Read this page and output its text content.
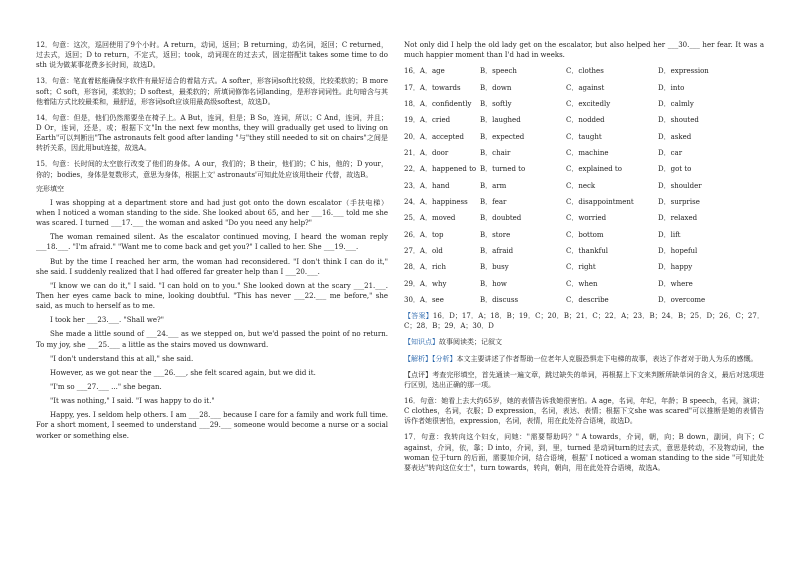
12．句意：这次，巡回使用了9个小时。A return，动词，返回；B returning，动名词，返回；C returned，过去式，返回；D to return，不定式，返回；took，动词现在的过去式，固定搭配it takes some time to do sth 说为做某事花费多长时间，故选D。

13．句意：笔直着眩能确保字软件有最好适合的着陆方式。A softer，形容词soft比较级，比较柔软的；B more soft；C soft，形容词，柔软的；D softest，最柔软的；所填词修饰名词landing，是形容词词性。此句暗含与其他着陆方式比较最柔和，最舒适，形容词soft应该用最高级softest，故选D。

14．句意：但是，他们仍然需要坐在椅子上。A But，连词，但是；B So，连词，所以；C And，连词，并且；D Or，连词，还是，或；根据下文"In the next few months, they will gradually get used to living on Earth"可以判断出"The astronauts felt good after landing "与"they still needed to sit on chairs"之间是转折关系，因此用but连接，故选A。

15．句意：长时间的太空旅行改变了他们的身体。A our，我们的；B their，他们的；C his，他的；D your，你的；bodies，身体是复数形式，意思为身体，根据上文' astronauts'可知此处应该用their 代替，故选B。

完形填空

I was shopping at a department store and had just got onto the down escalator（手扶电梯）when I noticed a woman standing to the side. She looked about 65, and her ___16.___ told me she was scared. I turned ___17.___ the woman and asked "Do you need any help?"

The woman remained silent. As the escalator continued moving, I heard the woman reply ___18.___. "I'm afraid." "Want me to come back and get you?" I called to her. She ___19.___.

But by the time I reached her arm, the woman had reconsidered. "I don't think I can do it," she said. I suddenly realized that I had offered far greater help than I ___20.___.

"I know we can do it," I said. "I can hold on to you." She looked down at the scary ___21.___. Then her eyes came back to mine, looking doubtful. "This has never ___22.___ me before," she said, as much to herself as to me.

I took her ___23.___. "Shall we?"

She made a little sound of ___24.___ as we stepped on, but we'd passed the point of no return. To my joy, she ___25.___ a little as the stairs moved us downward.

"I don't understand this at all," she said.

However, as we got near the ___26.___, she felt scared again, but we did it.

"I'm so ___27.___ ..." she began.

"It was nothing," I said. "I was happy to do it."

Happy, yes. I seldom help others. I am ___28.___ because I care for a family and work full time. For a short moment, I seemed to understand ___29.___ someone would become a nurse or a social worker or something else.

Not only did I help the old lady get on the escalator, but also helped her ___30.___ her fear. It was a much happier moment than I'd had in weeks.

16．A．age	B．speech	C．clothes	D．expression
17．A．towards	B．down	C．against	D．into
18．A．confidently	B．softly	C．excitedly	D．calmly
19．A．cried	B．laughed	C．nodded	D．shouted
20．A．accepted	B．expected	C．taught	D．asked
21．A．door	B．chair	C．machine	D．car
22．A．happened to B．turned to	C．explained to	D．got to
23．A．hand	B．arm	C．neck	D．shoulder
24．A．happiness	B．fear	C．disappointment	D．surprise
25．A．moved	B．doubted	C．worried	D．relaxed
26．A．top	B．store	C．bottom	D．lift
27．A．old	B．afraid	C．thankful	D．hopeful
28．A．rich	B．busy	C．right	D．happy
29．A．why	B．how	C．when	D．where
30．A．see	B．discuss	C．describe	D．overcome

【答案】16．D；17．A；18．B；19．C；20．B；21．C；22．A；23．B；24．B；25．D；26．C；27．C；28．B；29．A；30．D

【知识点】故事阅读类；记叙文

【解析】【分析】本文主要讲述了作者帮助一位老年人克服恐惧走下电梯的故事，表达了作者对于助人为乐的感慨。

【点评】考查完形填空，首先通读一遍文章，跳过缺失的单词，再根据上下文来判断所缺单词的含义，最后对选项进行区别，选出正确的那一项。

16．句意：她看上去大约65岁，她的表情告诉我她很害怕。A age，名词，年纪，年龄；B speech，名词，演讲；C clothes，名词，衣服；D expression，名词，表达、表情；根据下文she was scared"可以推断是她的表情告诉作者她很害怕，expression，名词，表情，用在此处符合语境，故选D。

17．句意：我转向这个妇女，问她："需要帮助吗？" A towards，介词，朝，向；B down，副词，向下；C against，介词，依，靠；D into，介词，到，里，turned 是动词turn的过去式，意思是转动，不及物动词，the woman 位于turn 的后面，需要加介词，结合语境，根据' I noticed a woman standing to the side "可知此处要表达"转向这位女士"，turn towards，转向，朝向，用在此处符合语境，故选A。
